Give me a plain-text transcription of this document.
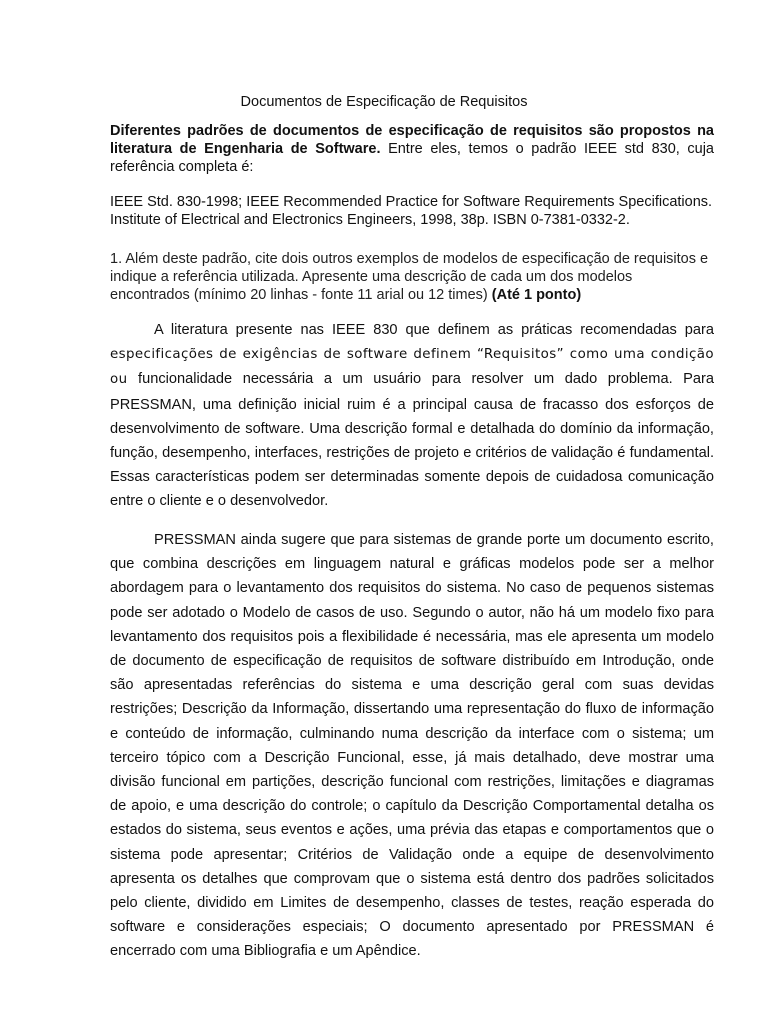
Documentos de Especificação de Requisitos
Diferentes padrões de documentos de especificação de requisitos são propostos na literatura de Engenharia de Software. Entre eles, temos o padrão IEEE std 830, cuja referência completa é:
IEEE Std. 830-1998; IEEE Recommended Practice for Software Requirements Specifications. Institute of Electrical and Electronics Engineers, 1998, 38p. ISBN 0-7381-0332-2.
1. Além deste padrão, cite dois outros exemplos de modelos de especificação de requisitos e indique a referência utilizada. Apresente uma descrição de cada um dos modelos encontrados (mínimo 20 linhas - fonte 11 arial ou 12 times) (Até 1 ponto)
A literatura presente nas IEEE 830 que definem as práticas recomendadas para especificações de exigências de software definem “Requisitos” como uma condição ou funcionalidade necessária a um usuário para resolver um dado problema. Para PRESSMAN, uma definição inicial ruim é a principal causa de fracasso dos esforços de desenvolvimento de software. Uma descrição formal e detalhada do domínio da informação, função, desempenho, interfaces, restrições de projeto e critérios de validação é fundamental. Essas características podem ser determinadas somente depois de cuidadosa comunicação entre o cliente e o desenvolvedor.
PRESSMAN ainda sugere que para sistemas de grande porte um documento escrito, que combina descrições em linguagem natural e gráficas modelos pode ser a melhor abordagem para o levantamento dos requisitos do sistema. No caso de pequenos sistemas pode ser adotado o Modelo de casos de uso. Segundo o autor, não há um modelo fixo para levantamento dos requisitos pois a flexibilidade é necessária, mas ele apresenta um modelo de documento de especificação de requisitos de software distribuído em Introdução, onde são apresentadas referências do sistema e uma descrição geral com suas devidas restrições; Descrição da Informação, dissertando uma representação do fluxo de informação e conteúdo de informação, culminando numa descrição da interface com o sistema; um terceiro tópico com a Descrição Funcional, esse, já mais detalhado, deve mostrar uma divisão funcional em partições, descrição funcional com restrições, limitações e diagramas de apoio, e uma descrição do controle; o capítulo da Descrição Comportamental detalha os estados do sistema, seus eventos e ações, uma prévia das etapas e comportamentos que o sistema pode apresentar; Critérios de Validação onde a equipe de desenvolvimento apresenta os detalhes que comprovam que o sistema está dentro dos padrões solicitados pelo cliente, dividido em Limites de desempenho, classes de testes, reação esperada do software e considerações especiais; O documento apresentado por PRESSMAN é encerrado com uma Bibliografia e um Apêndice.
